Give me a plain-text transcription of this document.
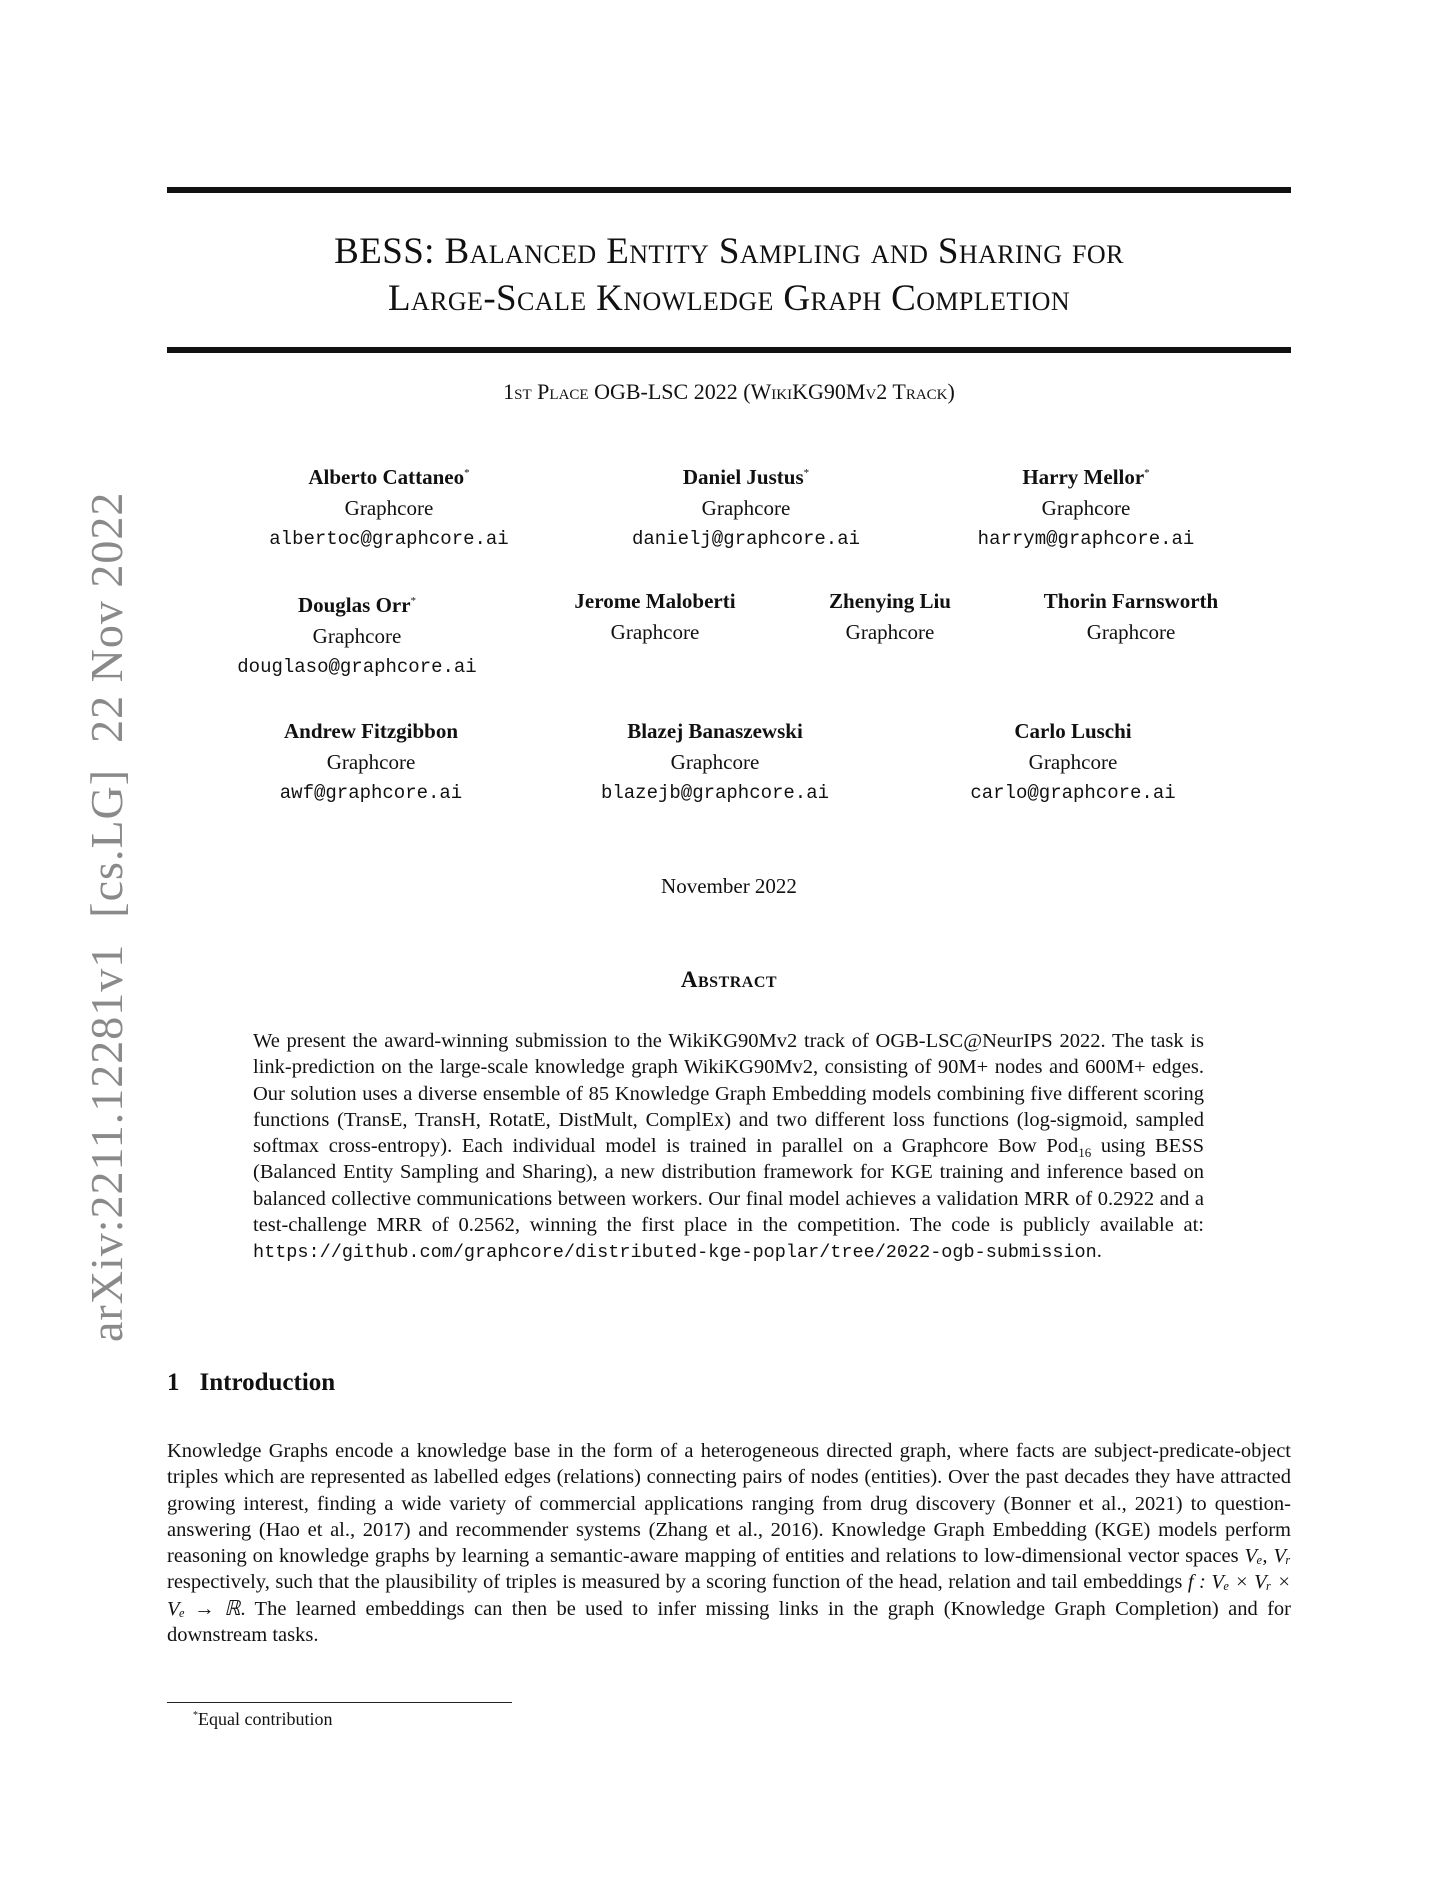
arXiv:2211.12281v1[cs.LG]22 Nov 2022
BESS: Balanced Entity Sampling and Sharing for
Large-Scale Knowledge Graph Completion
1st Place OGB-LSC 2022 (WikiKG90Mv2 Track)
Alberto Cattaneo*
Graphcore
albertoc@graphcore.ai
Daniel Justus*
Graphcore
danielj@graphcore.ai
Harry Mellor*
Graphcore
harrym@graphcore.ai
Douglas Orr*
Graphcore
douglaso@graphcore.ai
Jerome Maloberti
Graphcore
Zhenying Liu
Graphcore
Thorin Farnsworth
Graphcore
Andrew Fitzgibbon
Graphcore
awf@graphcore.ai
Blazej Banaszewski
Graphcore
blazejb@graphcore.ai
Carlo Luschi
Graphcore
carlo@graphcore.ai
November 2022
Abstract
We present the award-winning submission to the WikiKG90Mv2 track of OGB-LSC@NeurIPS 2022. The task is link-prediction on the large-scale knowledge graph WikiKG90Mv2, consisting of 90M+ nodes and 600M+ edges. Our solution uses a diverse ensemble of 85 Knowledge Graph Embedding models combining five different scoring functions (TransE, TransH, RotatE, DistMult, ComplEx) and two different loss functions (log-sigmoid, sampled softmax cross-entropy). Each individual model is trained in parallel on a Graphcore Bow Pod$_{16}$ using BESS (Balanced Entity Sampling and Sharing), a new distribution framework for KGE training and inference based on balanced collective communications between workers. Our final model achieves a validation MRR of 0.2922 and a test-challenge MRR of 0.2562, winning the first place in the competition. The code is publicly available at: https://github.com/graphcore/distributed-kge-poplar/tree/2022-ogb-submission.
1 Introduction
Knowledge Graphs encode a knowledge base in the form of a heterogeneous directed graph, where facts are subject-predicate-object triples which are represented as labelled edges (relations) connecting pairs of nodes (entities). Over the past decades they have attracted growing interest, finding a wide variety of commercial applications ranging from drug discovery (Bonner et al., 2021) to question-answering (Hao et al., 2017) and recommender systems (Zhang et al., 2016). Knowledge Graph Embedding (KGE) models perform reasoning on knowledge graphs by learning a semantic-aware mapping of entities and relations to low-dimensional vector spaces Vₑ, Vᵣ respectively, such that the plausibility of triples is measured by a scoring function of the head, relation and tail embeddings f : Vₑ × Vᵣ × Vₑ → ℝ. The learned embeddings can then be used to infer missing links in the graph (Knowledge Graph Completion) and for downstream tasks.
*Equal contribution
